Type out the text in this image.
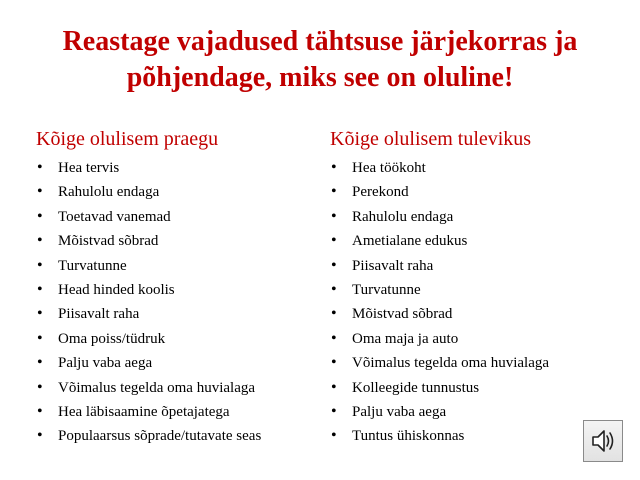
Reastage vajadused tähtsuse järjekorras ja põhjendage, miks see on oluline!
Kõige olulisem praegu	Kõige olulisem tulevikus
• Hea tervis
• Rahulolu endaga
• Toetavad vanemad
• Mõistvad sõbrad
• Turvatunne
• Head hinded koolis
• Piisavalt raha
• Oma poiss/tüdruk
• Palju vaba aega
• Võimalus tegelda oma huvialaga
• Hea läbisaamine õpetajatega
• Populaarsus sõprade/tutavate seas
• Hea töökoht
• Perekond
• Rahulolu endaga
• Ametialane edukus
• Piisavalt raha
• Turvatunne
• Mõistvad sõbrad
• Oma maja ja auto
• Võimalus tegelda oma huvialaga
• Kolleegide tunnustus
• Palju vaba aega
• Tuntus ühiskonnas
